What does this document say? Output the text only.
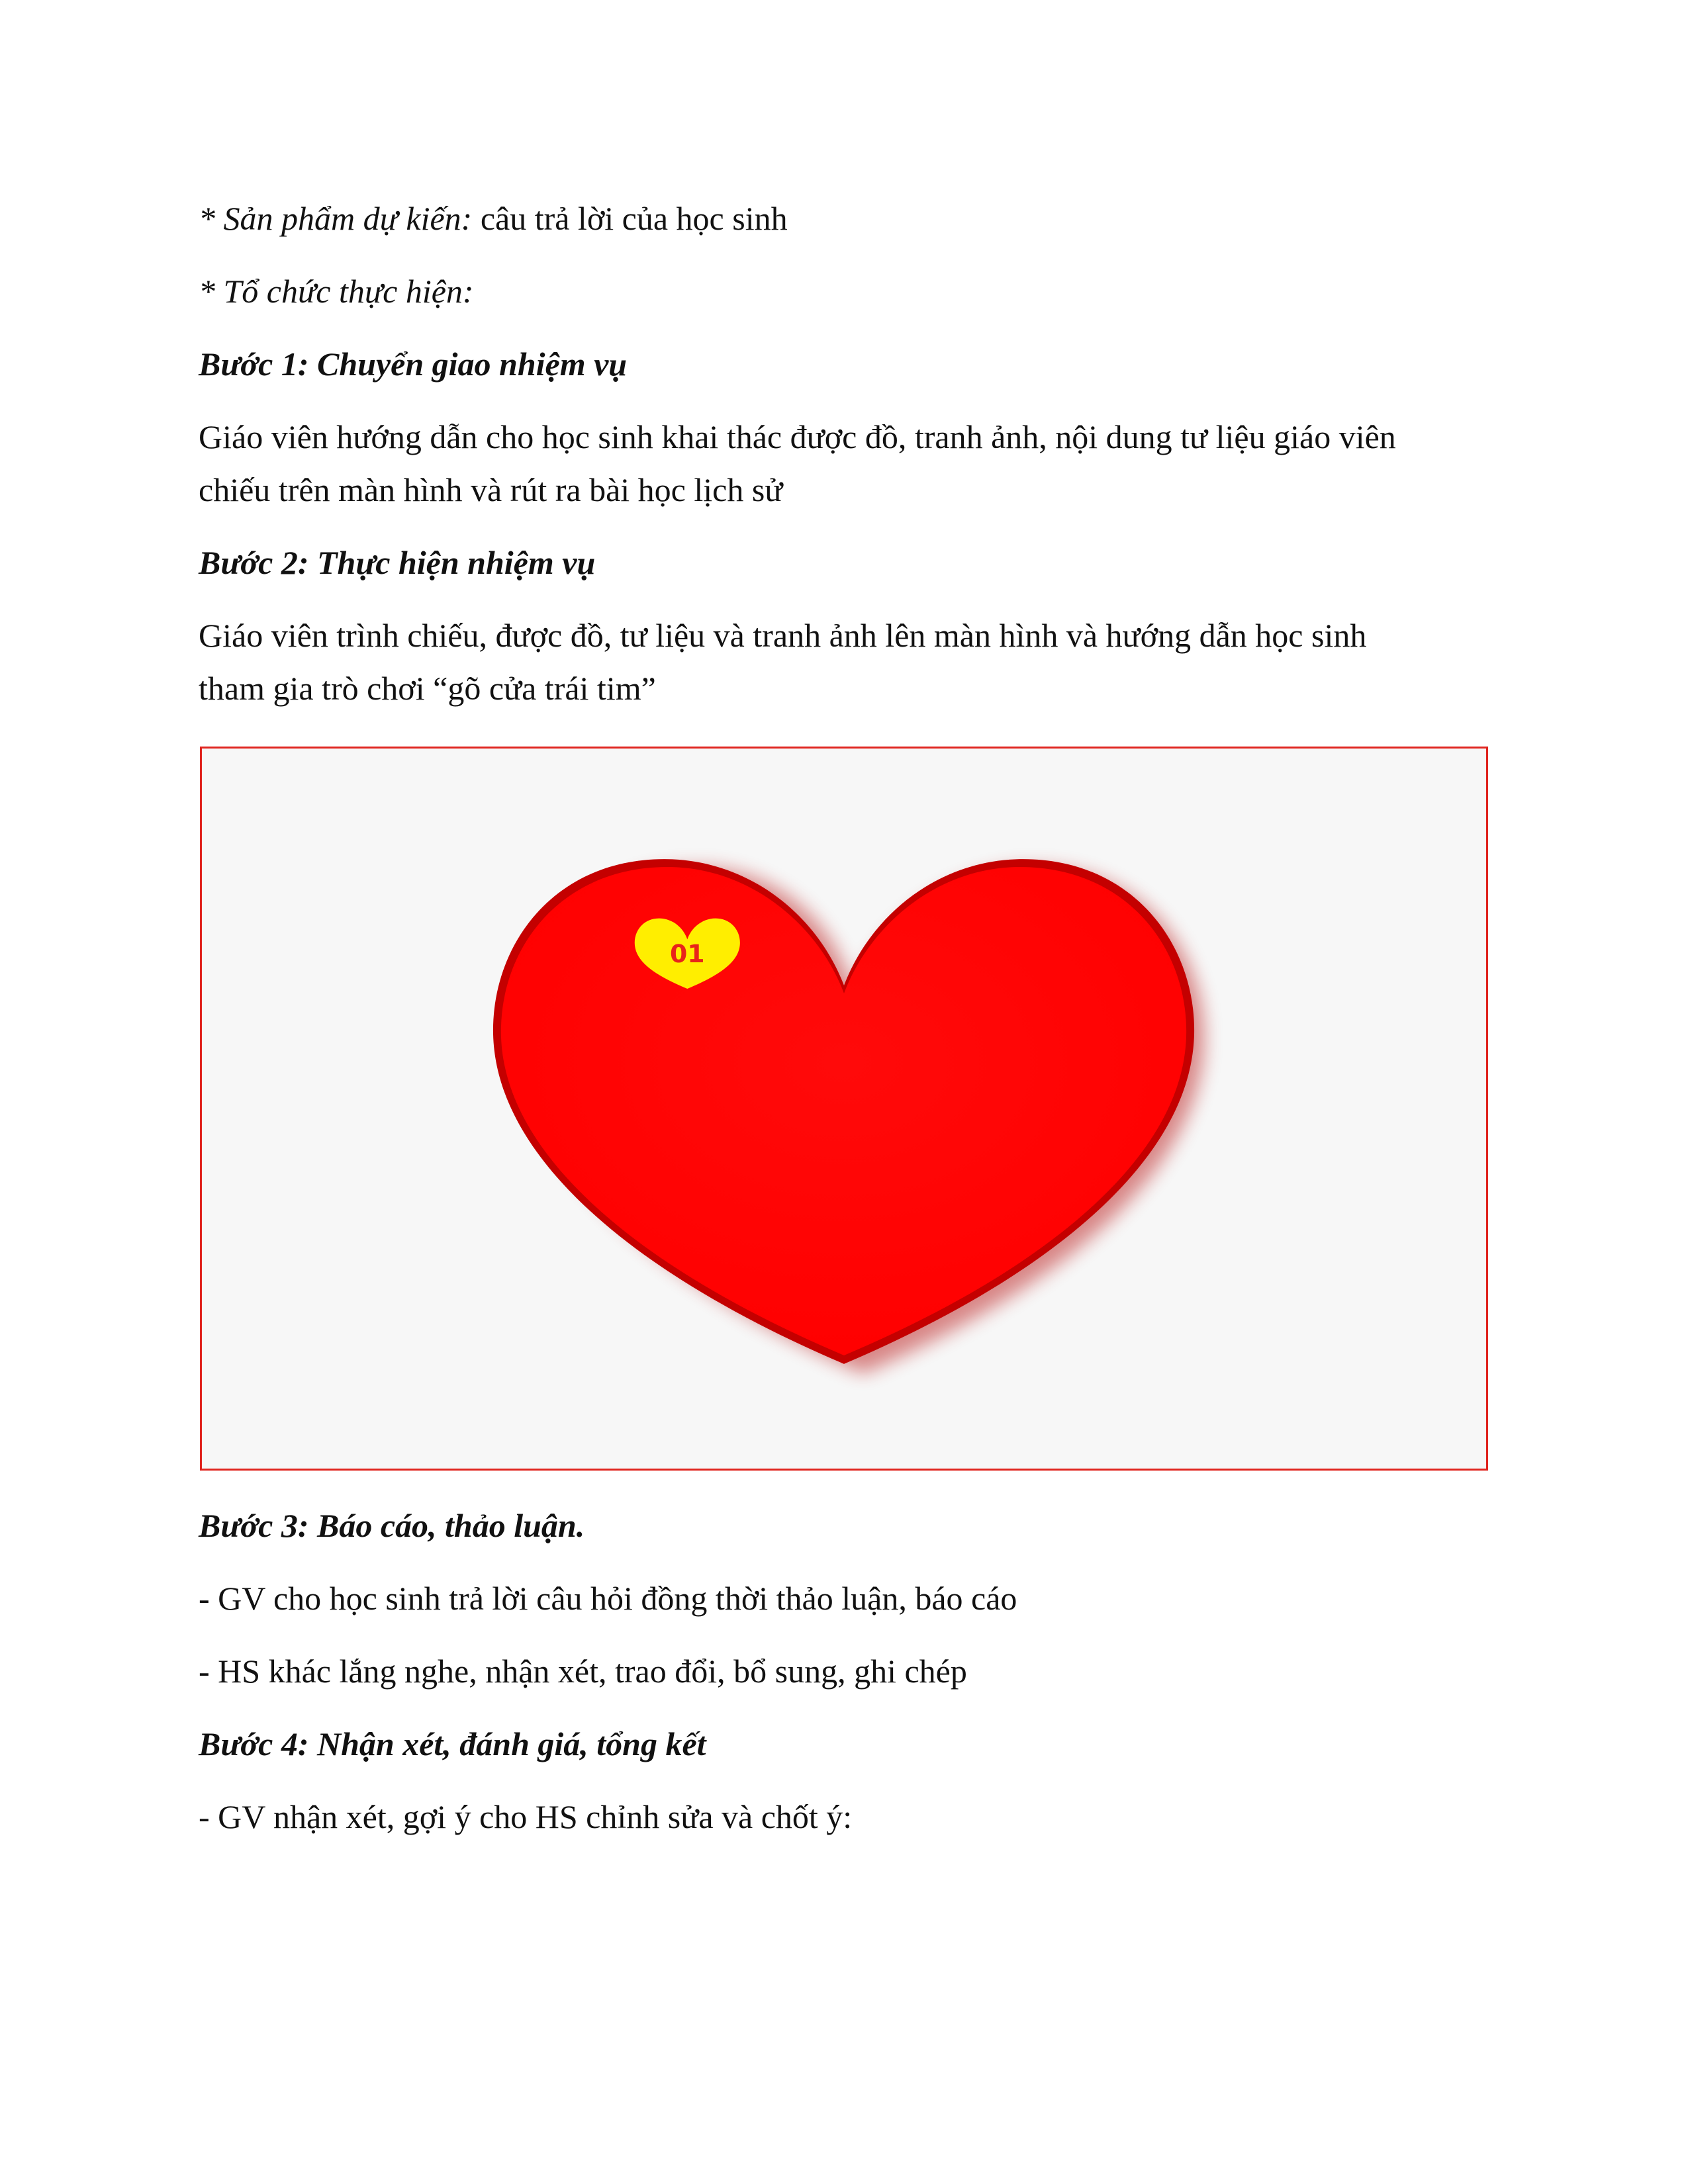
* Sản phẩm dự kiến: câu trả lời của học sinh
* Tổ chức thực hiện:
Bước 1: Chuyển giao nhiệm vụ
Giáo viên hướng dẫn cho học sinh khai thác được đồ, tranh ảnh, nội dung tư liệu giáo viên
chiếu trên màn hình và rút ra bài học lịch sử
Bước 2: Thực hiện nhiệm vụ
Giáo viên trình chiếu, được đồ, tư liệu và tranh ảnh lên màn hình và hướng dẫn học sinh
tham gia trò chơi “gõ cửa trái tim”
01
Bước 3: Báo cáo, thảo luận.
- GV cho học sinh trả lời câu hỏi đồng thời thảo luận, báo cáo
- HS khác lắng nghe, nhận xét, trao đổi, bổ sung, ghi chép
Bước 4: Nhận xét, đánh giá, tổng kết
- GV nhận xét, gợi ý cho HS chỉnh sửa và chốt ý:
